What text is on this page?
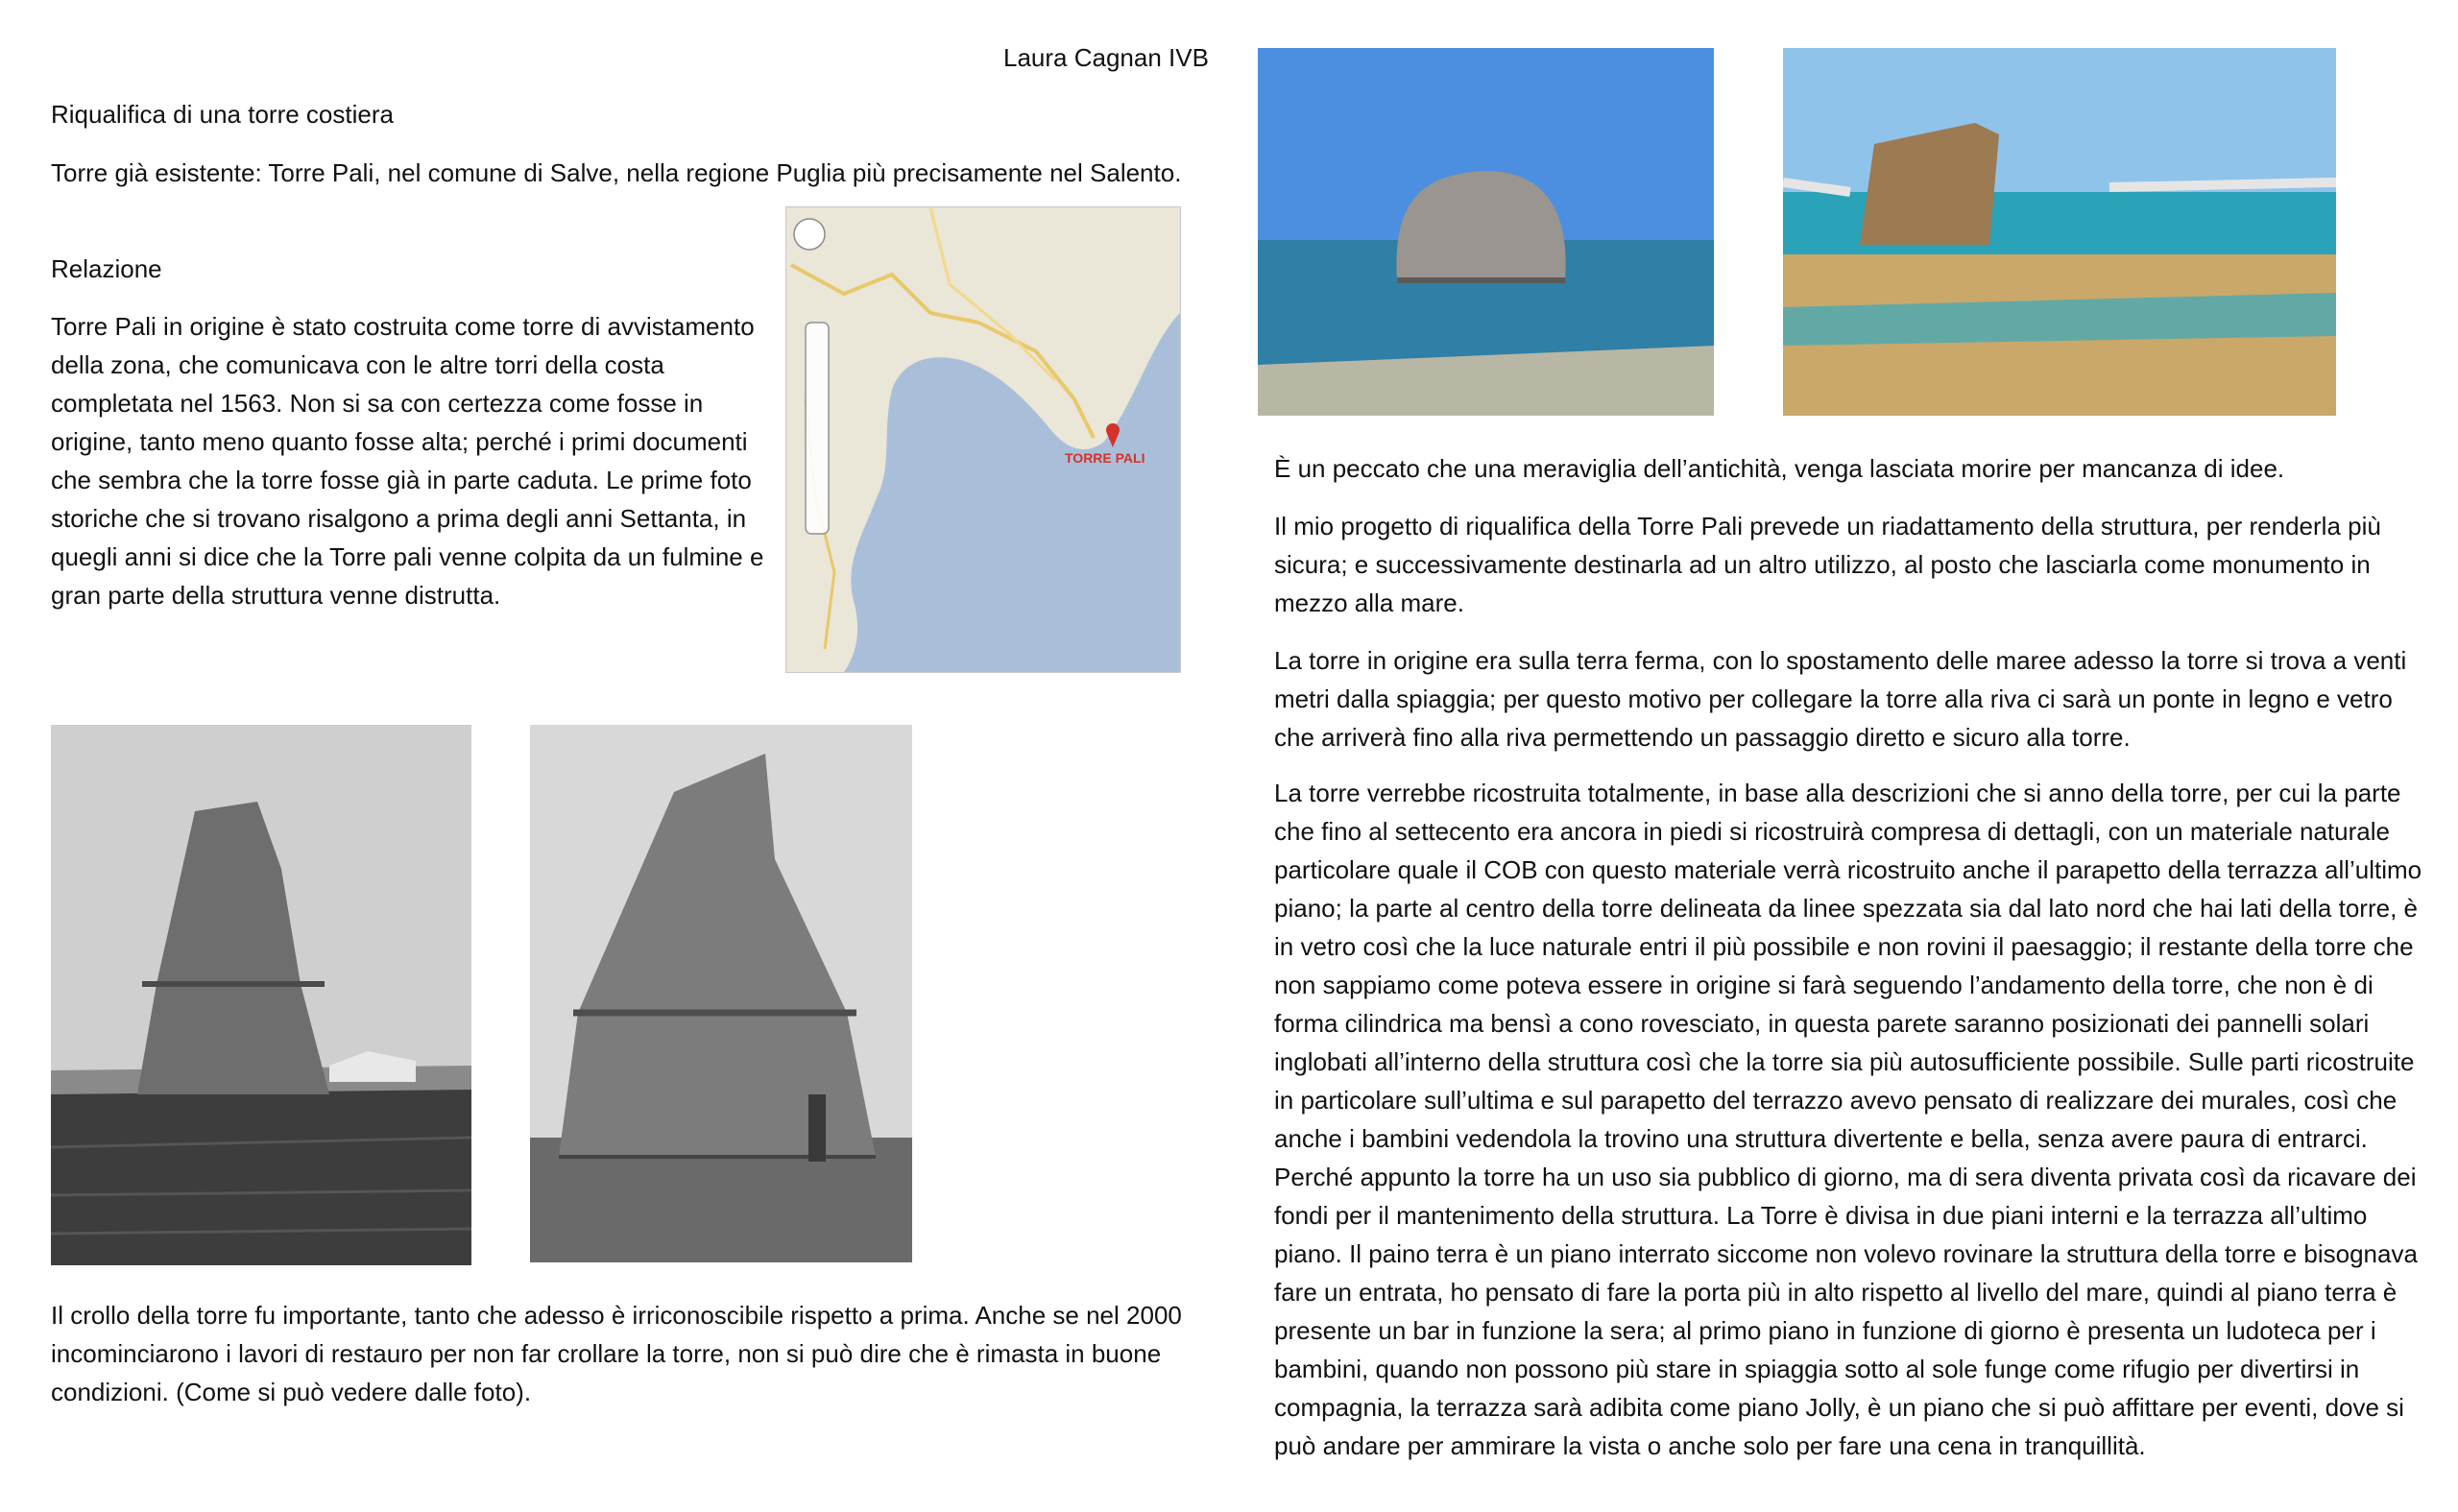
Laura Cagnan IVB
Riqualifica di una torre costiera
Torre già esistente: Torre Pali, nel comune di Salve, nella regione Puglia più precisamente nel Salento.
Relazione
Torre Pali in origine è stato costruita come torre di avvistamento della zona, che comunicava con le altre torri della costa completata nel 1563. Non si sa con certezza come fosse in origine, tanto meno quanto fosse alta; perché i primi documenti che sembra che la torre fosse già in parte caduta. Le prime foto storiche che si trovano risalgono a prima degli anni Settanta, in quegli anni si dice che la Torre pali venne colpita da un fulmine e gran parte della struttura venne distrutta.
TORRE PALI
Il crollo della torre fu importante, tanto che adesso è irriconoscibile rispetto a prima. Anche se nel 2000 incominciarono i lavori di restauro per non far crollare la torre, non si può dire che è rimasta in buone condizioni. (Come si può vedere dalle foto).
È un peccato che una meraviglia dell’antichità, venga lasciata morire per mancanza di idee.
Il mio progetto di riqualifica della Torre Pali prevede un riadattamento della struttura, per renderla più sicura; e successivamente destinarla ad un altro utilizzo, al posto che lasciarla come monumento in mezzo alla mare.
La torre in origine era sulla terra ferma, con lo spostamento delle maree adesso la torre si trova a venti metri dalla spiaggia; per questo motivo per collegare la torre alla riva ci sarà un ponte in legno e vetro che arriverà fino alla riva permettendo un passaggio diretto e sicuro alla torre.
La torre verrebbe ricostruita totalmente, in base alla descrizioni che si anno della torre, per cui la parte che fino al settecento era ancora in piedi si ricostruirà compresa di dettagli, con un materiale naturale particolare quale il COB con questo materiale verrà ricostruito anche il parapetto della terrazza all’ultimo piano; la parte al centro della torre delineata da linee spezzata sia dal lato nord che hai lati della torre, è in vetro così che la luce naturale entri il più possibile e non rovini il paesaggio; il restante della torre che non sappiamo come poteva essere in origine si farà seguendo l’andamento della torre, che non è di forma cilindrica ma bensì a cono rovesciato, in questa parete saranno posizionati dei pannelli solari inglobati all’interno della struttura così che la torre sia più autosufficiente possibile. Sulle parti ricostruite in particolare sull’ultima e sul parapetto del terrazzo avevo pensato di realizzare dei murales, così che anche i bambini vedendola la trovino una struttura divertente e bella, senza avere paura di entrarci. Perché appunto la torre ha un uso sia pubblico di giorno, ma di sera diventa privata così da ricavare dei fondi per il mantenimento della struttura. La Torre è divisa in due piani interni e la terrazza all’ultimo piano. Il paino terra è un piano interrato siccome non volevo rovinare la struttura della torre e bisognava fare un entrata, ho pensato di fare la porta più in alto rispetto al livello del mare, quindi al piano terra è presente un bar in funzione la sera; al primo piano in funzione di giorno è presenta un ludoteca per i bambini, quando non possono più stare in spiaggia sotto al sole funge come rifugio per divertirsi in compagnia, la terrazza sarà adibita come piano Jolly, è un piano che si può affittare per eventi, dove si può andare per ammirare la vista o anche solo per fare una cena in tranquillità.
